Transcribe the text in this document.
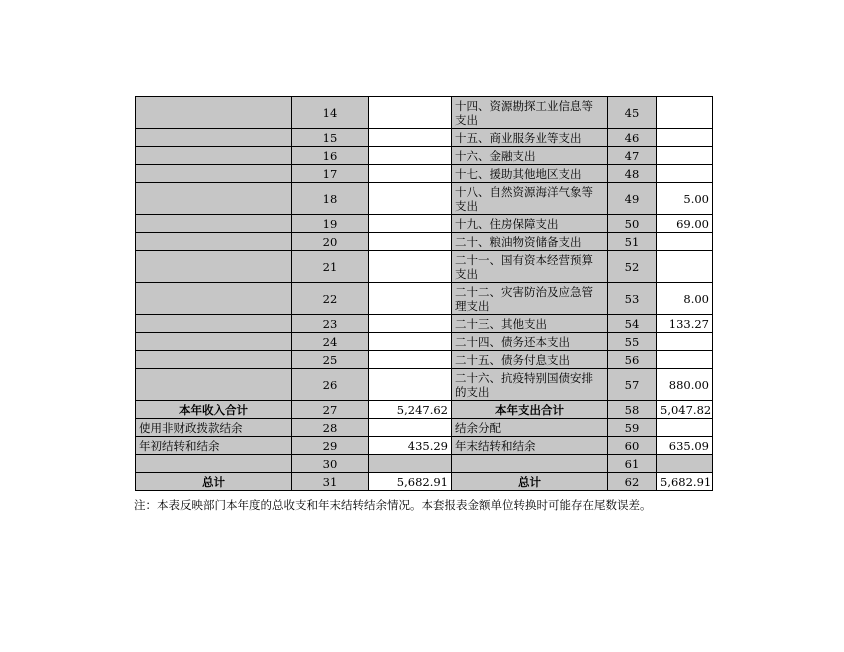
	14		十四、资源勘探工业信息等支出	45	
	15		十五、商业服务业等支出	46	
	16		十六、金融支出	47	
	17		十七、援助其他地区支出	48	
	18		十八、自然资源海洋气象等支出	49	5.00
	19		十九、住房保障支出	50	69.00
	20		二十、粮油物资储备支出	51	
	21		二十一、国有资本经营预算支出	52	
	22		二十二、灾害防治及应急管理支出	53	8.00
	23		二十三、其他支出	54	133.27
	24		二十四、债务还本支出	55	
	25		二十五、债务付息支出	56	
	26		二十六、抗疫特别国债安排的支出	57	880.00
本年收入合计	27	5,247.62	本年支出合计	58	5,047.82
使用非财政拨款结余	28		结余分配	59	
年初结转和结余	29	435.29	年末结转和结余	60	635.09
	30			61	
总计	31	5,682.91	总计	62	5,682.91
注：本表反映部门本年度的总收支和年末结转结余情况。本套报表金额单位转换时可能存在尾数误差。
